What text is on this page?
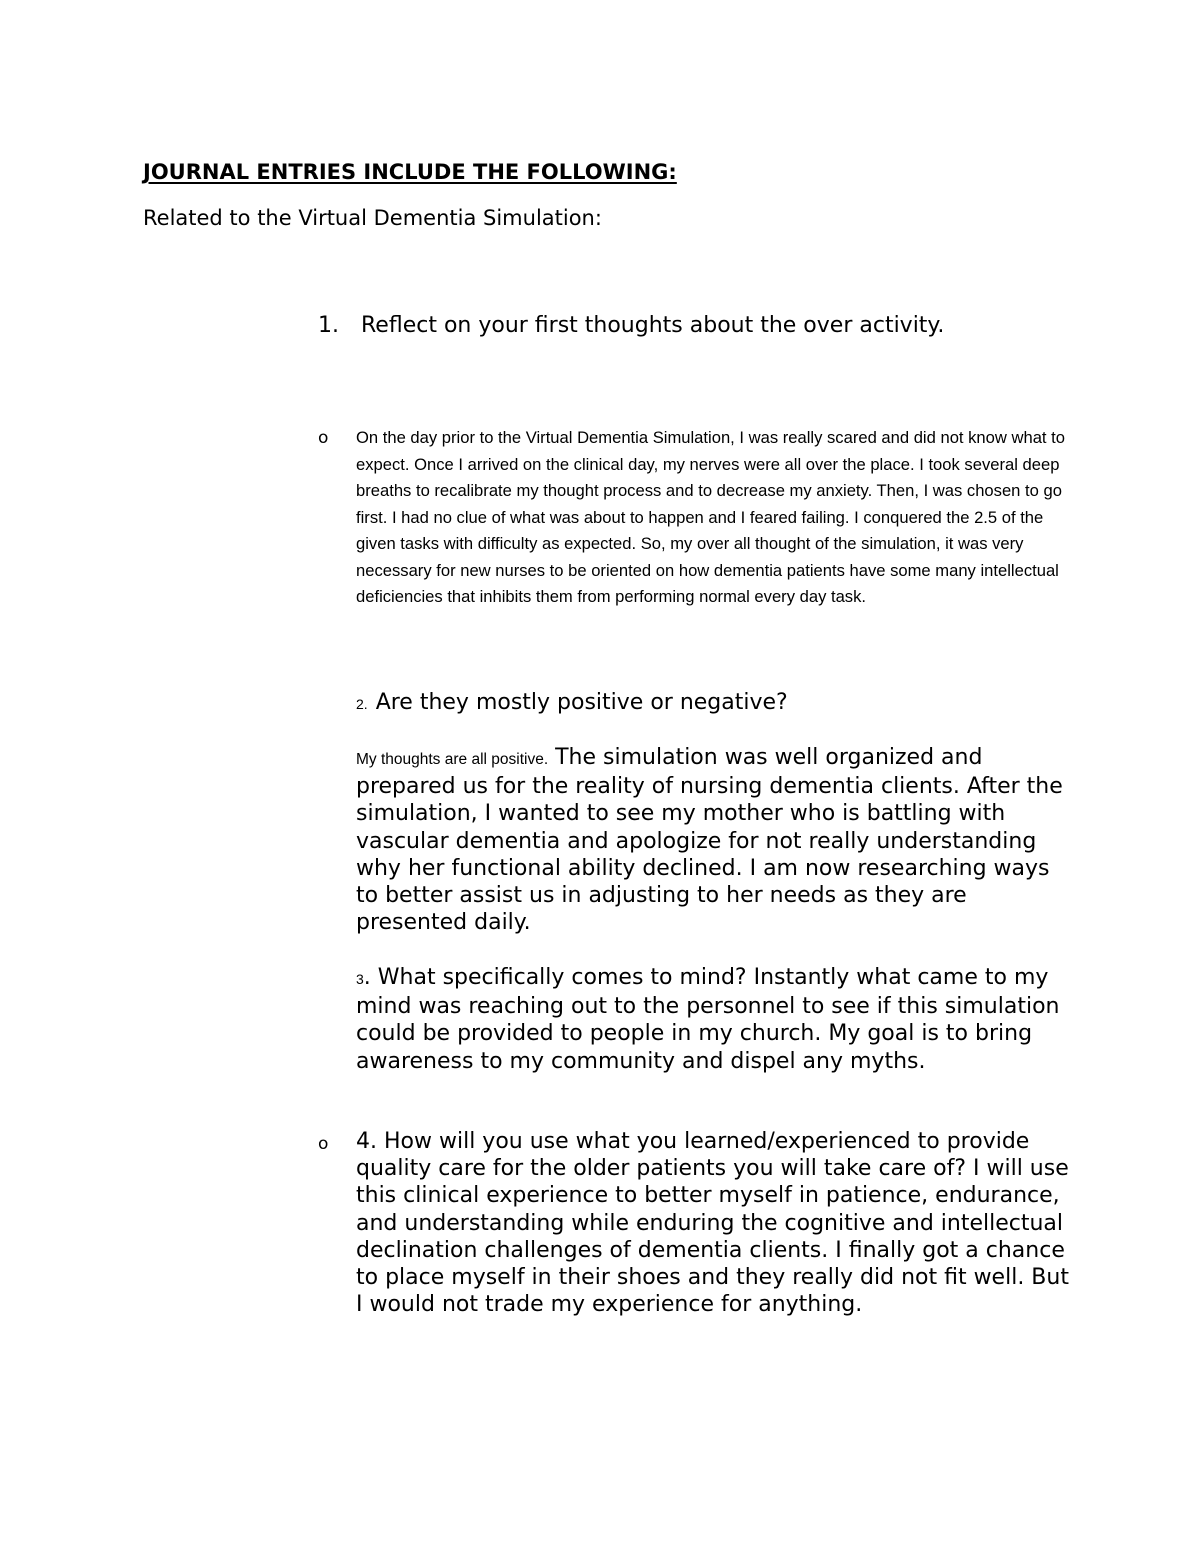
JOURNAL ENTRIES INCLUDE THE FOLLOWING:
Related to the Virtual Dementia Simulation:
1. Reflect on your first thoughts about the over activity.
o On the day prior to the Virtual Dementia Simulation, I was really scared and did not know what to expect. Once I arrived on the clinical day, my nerves were all over the place. I took several deep breaths to recalibrate my thought process and to decrease my anxiety. Then, I was chosen to go first. I had no clue of what was about to happen and I feared failing. I conquered the 2.5 of the given tasks with difficulty as expected. So, my over all thought of the simulation, it was very necessary for new nurses to be oriented on how dementia patients have some many intellectual deficiencies that inhibits them from performing normal every day task.
2. Are they mostly positive or negative?
My thoughts are all positive. The simulation was well organized and prepared us for the reality of nursing dementia clients. After the simulation, I wanted to see my mother who is battling with vascular dementia and apologize for not really understanding why her functional ability declined. I am now researching ways to better assist us in adjusting to her needs as they are presented daily.
3. What specifically comes to mind? Instantly what came to my mind was reaching out to the personnel to see if this simulation could be provided to people in my church. My goal is to bring awareness to my community and dispel any myths.
o 4. How will you use what you learned/experienced to provide quality care for the older patients you will take care of? I will use this clinical experience to better myself in patience, endurance, and understanding while enduring the cognitive and intellectual declination challenges of dementia clients. I finally got a chance to place myself in their shoes and they really did not fit well. But I would not trade my experience for anything.
